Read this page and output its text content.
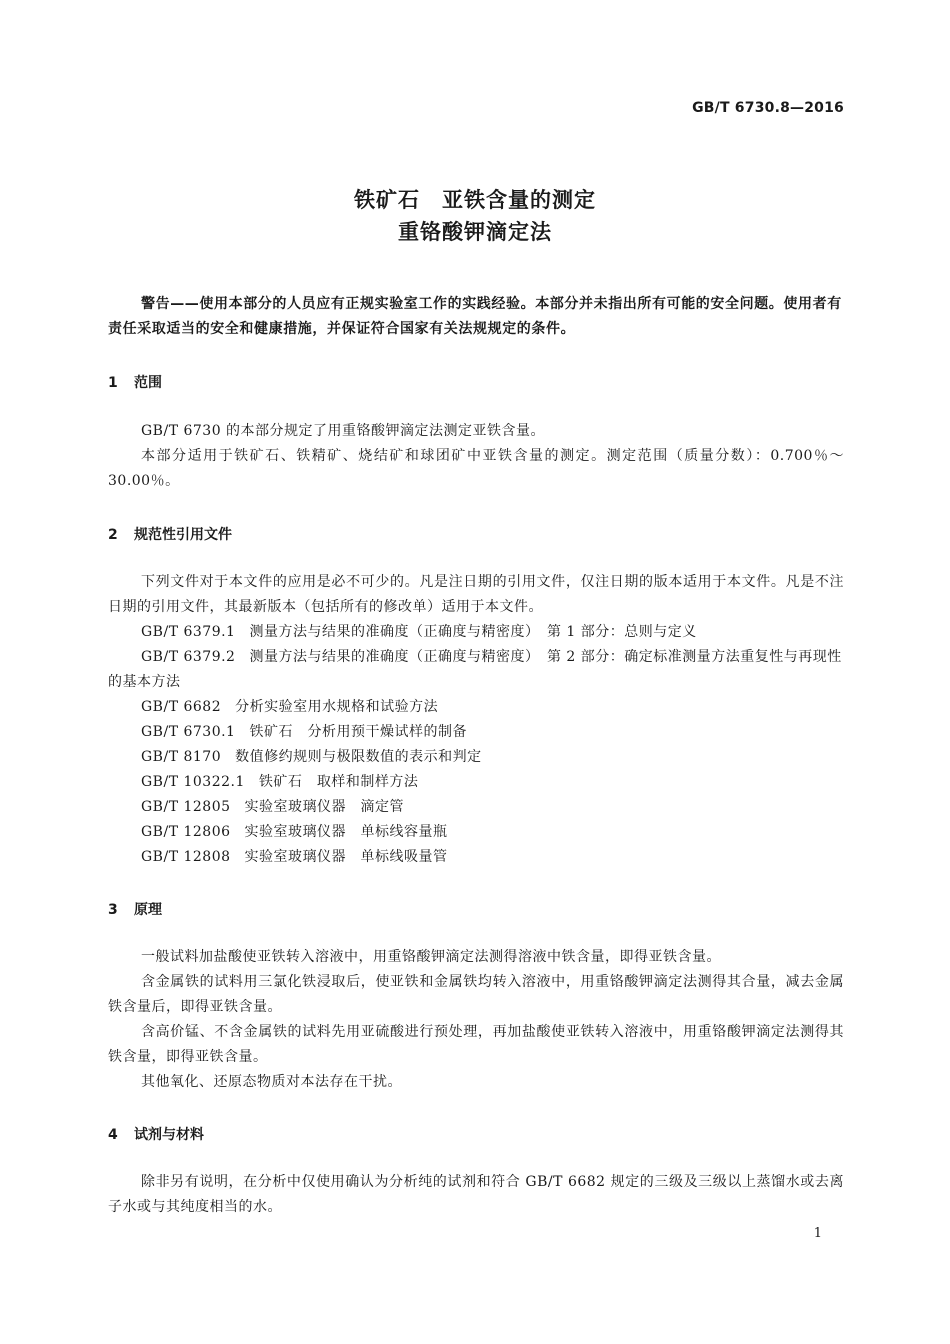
GB/T 6730.8—2016
铁矿石　亚铁含量的测定
重铬酸钾滴定法

警告——使用本部分的人员应有正规实验室工作的实践经验。本部分并未指出所有可能的安全问题。使用者有责任采取适当的安全和健康措施，并保证符合国家有关法规规定的条件。

1 范围

GB/T 6730 的本部分规定了用重铬酸钾滴定法测定亚铁含量。

本部分适用于铁矿石、铁精矿、烧结矿和球团矿中亚铁含量的测定。测定范围（质量分数）：0.700％～30.00％。

2 规范性引用文件

下列文件对于本文件的应用是必不可少的。凡是注日期的引用文件，仅注日期的版本适用于本文件。凡是不注日期的引用文件，其最新版本（包括所有的修改单）适用于本文件。

GB/T 6379.1 测量方法与结果的准确度（正确度与精密度）　第 1 部分：总则与定义

GB/T 6379.2 测量方法与结果的准确度（正确度与精密度）　第 2 部分：确定标准测量方法重复性与再现性的基本方法

GB/T 6682 分析实验室用水规格和试验方法

GB/T 6730.1 铁矿石　分析用预干燥试样的制备

GB/T 8170 数值修约规则与极限数值的表示和判定

GB/T 10322.1 铁矿石　取样和制样方法

GB/T 12805 实验室玻璃仪器　滴定管

GB/T 12806 实验室玻璃仪器　单标线容量瓶

GB/T 12808 实验室玻璃仪器　单标线吸量管

3 原理

一般试料加盐酸使亚铁转入溶液中，用重铬酸钾滴定法测得溶液中铁含量，即得亚铁含量。

含金属铁的试料用三氯化铁浸取后，使亚铁和金属铁均转入溶液中，用重铬酸钾滴定法测得其合量，减去金属铁含量后，即得亚铁含量。

含高价锰、不含金属铁的试料先用亚硫酸进行预处理，再加盐酸使亚铁转入溶液中，用重铬酸钾滴定法测得其铁含量，即得亚铁含量。

其他氧化、还原态物质对本法存在干扰。

4 试剂与材料

除非另有说明，在分析中仅使用确认为分析纯的试剂和符合 GB/T 6682 规定的三级及三级以上蒸馏水或去离子水或与其纯度相当的水。

1
